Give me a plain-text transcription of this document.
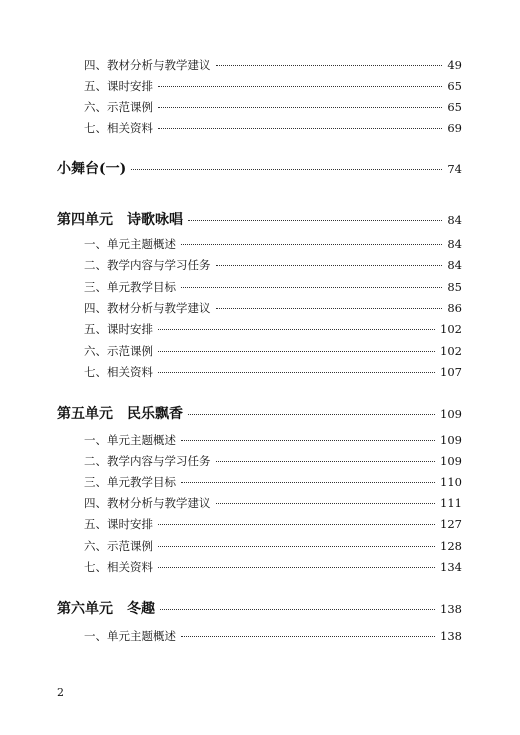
四、教材分析与教学建议	49
五、课时安排	65
六、示范课例	65
七、相关资料	69
小舞台(一)	74
第四单元 诗歌咏唱	84
一、单元主题概述	84
二、教学内容与学习任务	84
三、单元教学目标	85
四、教材分析与教学建议	86
五、课时安排	102
六、示范课例	102
七、相关资料	107
第五单元 民乐飘香	109
一、单元主题概述	109
二、教学内容与学习任务	109
三、单元教学目标	110
四、教材分析与教学建议	111
五、课时安排	127
六、示范课例	128
七、相关资料	134
第六单元 冬趣	138
一、单元主题概述	138
2
